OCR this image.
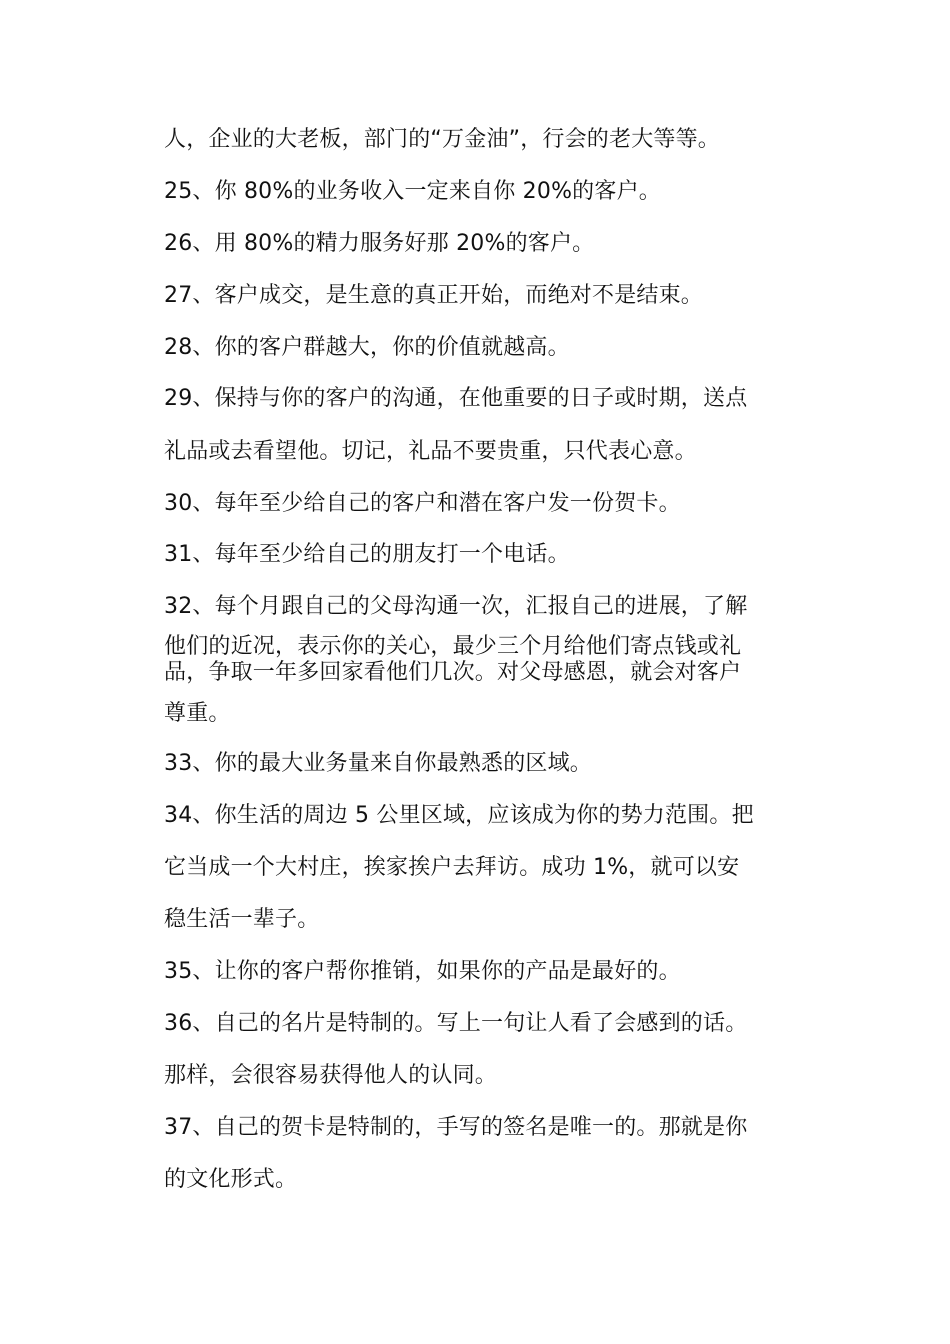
人，企业的大老板，部门的“万金油”，行会的老大等等。
25、你 80%的业务收入一定来自你 20%的客户。
26、用 80%的精力服务好那 20%的客户。
27、客户成交，是生意的真正开始，而绝对不是结束。
28、你的客户群越大，你的价值就越高。
29、保持与你的客户的沟通，在他重要的日子或时期，送点
礼品或去看望他。切记，礼品不要贵重，只代表心意。
30、每年至少给自己的客户和潜在客户发一份贺卡。
31、每年至少给自己的朋友打一个电话。
32、每个月跟自己的父母沟通一次，汇报自己的进展，了解
他们的近况，表示你的关心，最少三个月给他们寄点钱或礼
品，争取一年多回家看他们几次。对父母感恩，就会对客户
尊重。
33、你的最大业务量来自你最熟悉的区域。
34、你生活的周边 5 公里区域，应该成为你的势力范围。把
它当成一个大村庄，挨家挨户去拜访。成功 1%，就可以安
稳生活一辈子。
35、让你的客户帮你推销，如果你的产品是最好的。
36、自己的名片是特制的。写上一句让人看了会感到的话。
那样，会很容易获得他人的认同。
37、自己的贺卡是特制的，手写的签名是唯一的。那就是你
的文化形式。
